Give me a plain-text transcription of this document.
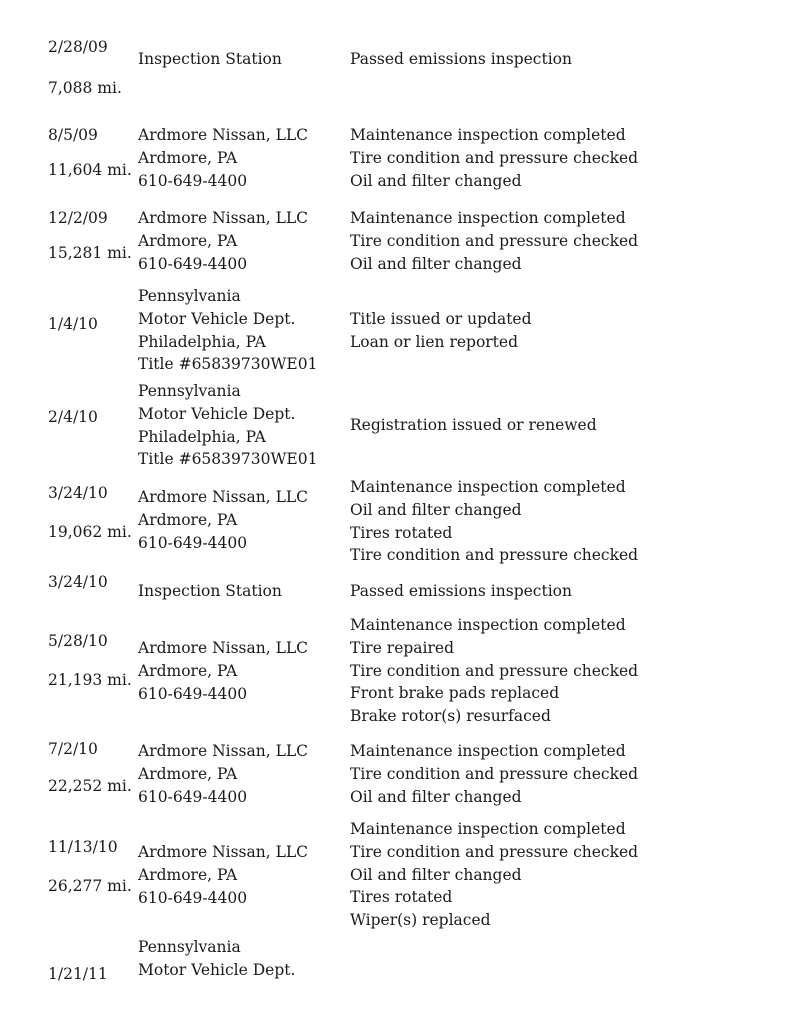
2/28/09
7,088 mi.
Inspection Station	Passed emissions inspection
8/5/09
11,604 mi.
Ardmore Nissan, LLC
Ardmore, PA
610-649-4400
Maintenance inspection completed
Tire condition and pressure checked
Oil and filter changed
12/2/09
15,281 mi.
Ardmore Nissan, LLC
Ardmore, PA
610-649-4400
Maintenance inspection completed
Tire condition and pressure checked
Oil and filter changed
1/4/10
Pennsylvania
Motor Vehicle Dept.
Philadelphia, PA
Title #65839730WE01
Title issued or updated
Loan or lien reported
2/4/10
Pennsylvania
Motor Vehicle Dept.
Philadelphia, PA
Title #65839730WE01
Registration issued or renewed
3/24/10
19,062 mi.
Ardmore Nissan, LLC
Ardmore, PA
610-649-4400
Maintenance inspection completed
Oil and filter changed
Tires rotated
Tire condition and pressure checked
3/24/10 Inspection Station	Passed emissions inspection
5/28/10
21,193 mi.
Ardmore Nissan, LLC
Ardmore, PA
610-649-4400
Maintenance inspection completed
Tire repaired
Tire condition and pressure checked
Front brake pads replaced
Brake rotor(s) resurfaced
7/2/10
22,252 mi.
Ardmore Nissan, LLC
Ardmore, PA
610-649-4400
Maintenance inspection completed
Tire condition and pressure checked
Oil and filter changed
11/13/10
26,277 mi.
Ardmore Nissan, LLC
Ardmore, PA
610-649-4400
Maintenance inspection completed
Tire condition and pressure checked
Oil and filter changed
Tires rotated
Wiper(s) replaced
1/21/11
Pennsylvania
Motor Vehicle Dept.
